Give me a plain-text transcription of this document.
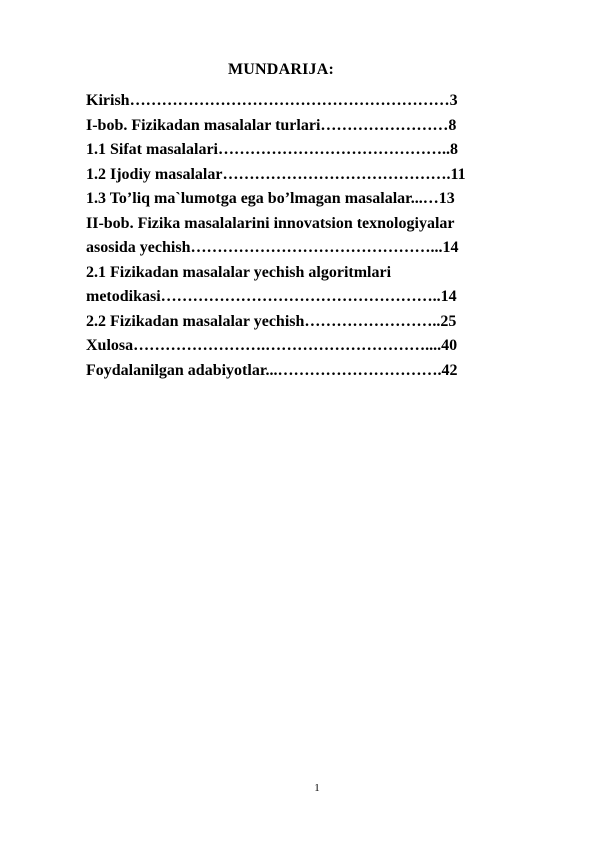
MUNDARIJA:
Kirish……………………………………………………3
I-bob. Fizikadan masalalar turlari……………………8
1.1 Sifat masalalari……………………………………..8
1.2 Ijodiy masalalar…………………………………….11
1.3 To’liq ma`lumotga ega bo’lmagan masalalar...…13
II-bob. Fizika masalalarini innovatsion texnologiyalar
asosida yechish………………………………………...14
2.1 Fizikadan masalalar yechish algoritmlari
metodikasi……………………………………………..14
2.2 Fizikadan masalalar yechish……………………..25
Xulosa…………………….…………………………....40
Foydalanilgan adabiyotlar...………………………….42
1
